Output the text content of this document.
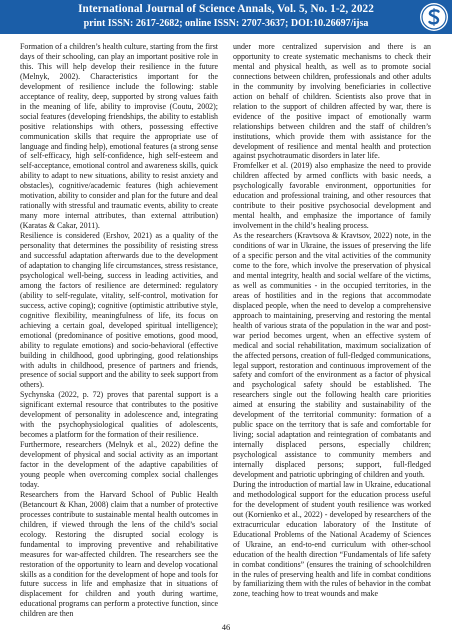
International Journal of Science Annals, Vol. 5, No. 1-2, 2022
print ISSN: 2617-2682; online ISSN: 2707-3637; DOI:10.26697/ijsa

Formation of a children’s health culture, starting from the first days of their schooling, can play an important positive role in this. This will help develop their resilience in the future (Melnyk, 2002). Characteristics important for the development of resilience include the following: stable acceptance of reality, deep, supported by strong values faith in the meaning of life, ability to improvise (Coutu, 2002); social features (developing friendships, the ability to establish positive relationships with others, possessing effective communication skills that require the appropriate use of language and finding help), emotional features (a strong sense of self-efficacy, high self-confidence, high self-esteem and self-acceptance, emotional control and awareness skills, quick ability to adapt to new situations, ability to resist anxiety and obstacles), cognitive/academic features (high achievement motivation, ability to consider and plan for the future and deal rationally with stressful and traumatic events, ability to create many more internal attributes, than external attribution) (Karatas & Cakar, 2011).

Resilience is considered (Ershov, 2021) as a quality of the personality that determines the possibility of resisting stress and successful adaptation afterwards due to the development of adaptation to changing life circumstances, stress resistance, psychological well-being, success in leading activities, and among the factors of resilience are determined: regulatory (ability to self-regulate, vitality, self-control, motivation for success, active coping); cognitive (optimistic attributive style, cognitive flexibility, meaningfulness of life, its focus on achieving a certain goal, developed spiritual intelligence); emotional (predominance of positive emotions, good mood, ability to regulate emotions) and socio-behavioral (effective building in childhood, good upbringing, good relationships with adults in childhood, presence of partners and friends, presence of social support and the ability to seek support from others).

Sychynska (2022, p. 72) proves that parental support is a significant external resource that contributes to the positive development of personality in adolescence and, integrating with the psychophysiological qualities of adolescents, becomes a platform for the formation of their resilience.

Furthermore, researchers (Melnyk et al., 2022) define the development of physical and social activity as an important factor in the development of the adaptive capabilities of young people when overcoming complex social challenges today.

Researchers from the Harvard School of Public Health (Betancourt & Khan, 2008) claim that a number of protective processes contribute to sustainable mental health outcomes in children, if viewed through the lens of the child’s social ecology. Restoring the disrupted social ecology is fundamental to improving preventive and rehabilitative measures for war-affected children. The researchers see the restoration of the opportunity to learn and develop vocational skills as a condition for the development of hope and tools for future success in life and emphasize that in situations of displacement for children and youth during wartime, educational programs can perform a protective function, since children are then

under more centralized supervision and there is an opportunity to create systematic mechanisms to check their mental and physical health, as well as to promote social connections between children, professionals and other adults in the community by involving beneficiaries in collective action on behalf of children. Scientists also prove that in relation to the support of children affected by war, there is evidence of the positive impact of emotionally warm relationships between children and the staff of children’s institutions, which provide them with assistance for the development of resilience and mental health and protection against psychotraumatic disorders in later life.

Fromfelker et al. (2019) also emphasize the need to provide children affected by armed conflicts with basic needs, a psychologically favorable environment, opportunities for education and professional training, and other resources that contribute to their positive psychosocial development and mental health, and emphasize the importance of family involvement in the child’s healing process.

As the researchers (Kravtsova & Kravtsov, 2022) note, in the conditions of war in Ukraine, the issues of preserving the life of a specific person and the vital activities of the community come to the fore, which involve the preservation of physical and mental integrity, health and social welfare of the victims, as well as communities - in the occupied territories, in the areas of hostilities and in the regions that accommodate displaced people, when the need to develop a comprehensive approach to maintaining, preserving and restoring the mental health of various strata of the population in the war and post-war period becomes urgent, when an effective system of medical and social rehabilitation, maximum socialization of the affected persons, creation of full-fledged communications, legal support, restoration and continuous improvement of the safety and comfort of the environment as a factor of physical and psychological safety should be established. The researchers single out the following health care priorities aimed at ensuring the stability and sustainability of the development of the territorial community: formation of a public space on the territory that is safe and comfortable for living; social adaptation and reintegration of combatants and internally displaced persons, especially children; psychological assistance to community members and internally displaced persons; support, full-fledged development and patriotic upbringing of children and youth.

During the introduction of martial law in Ukraine, educational and methodological support for the education process useful for the development of student youth resilience was worked out (Kornienko et al., 2022) - developed by researchers of the extracurricular education laboratory of the Institute of Educational Problems of the National Academy of Sciences of Ukraine, an end-to-end curriculum with other-school education of the health direction “Fundamentals of life safety in combat conditions” (ensures the training of schoolchildren in the rules of preserving health and life in combat conditions by familiarizing them with the rules of behavior in the combat zone, teaching how to treat wounds and make

46
